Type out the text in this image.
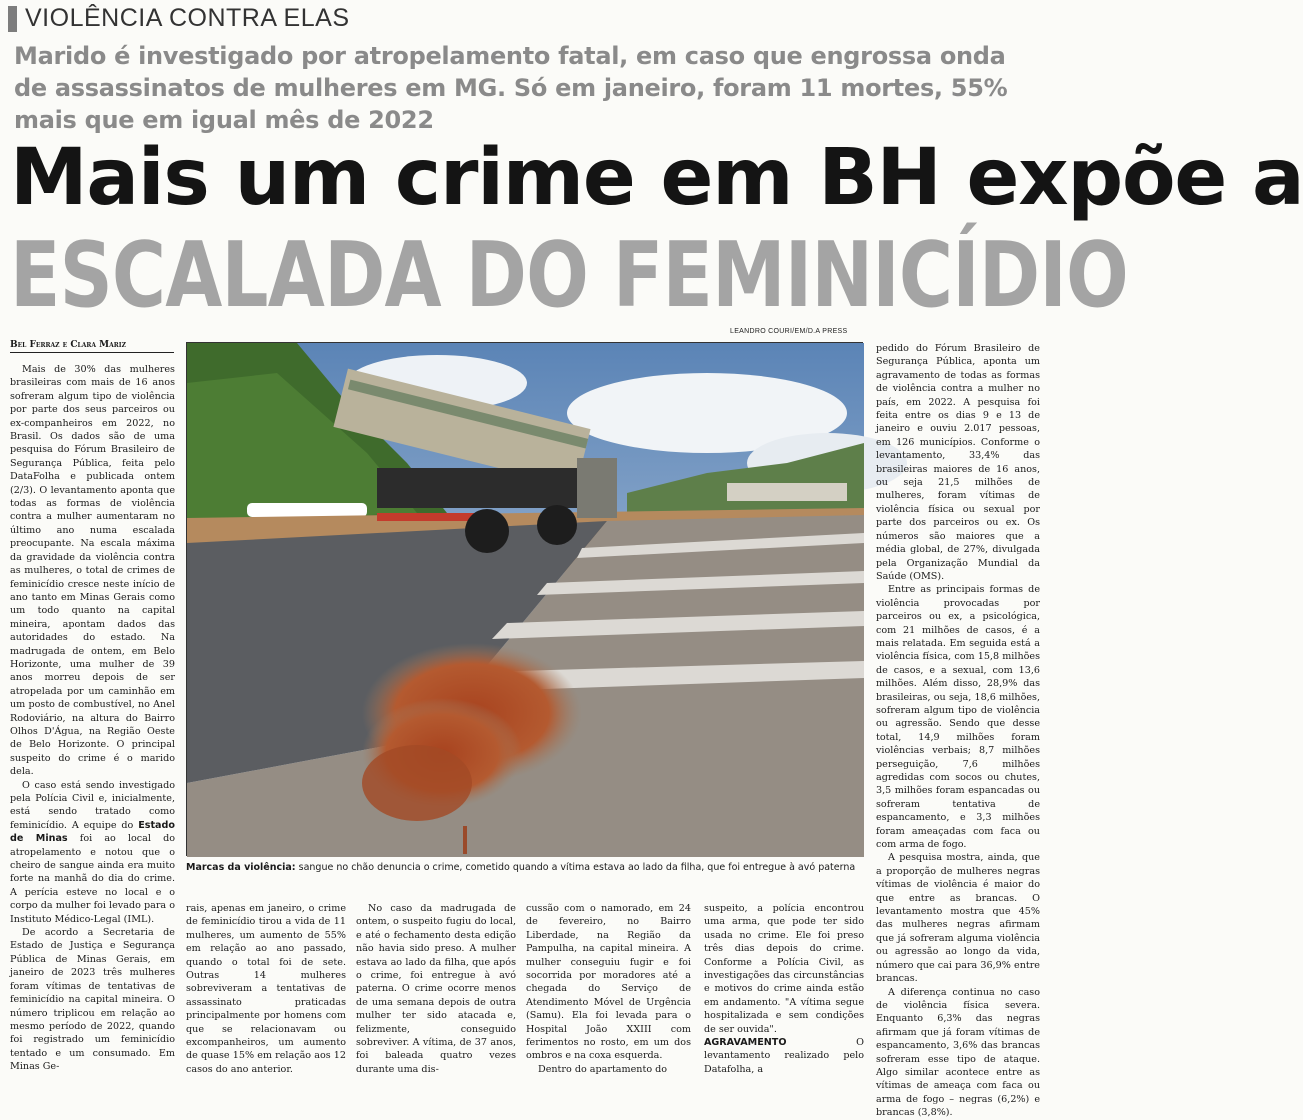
VIOLÊNCIA CONTRA ELAS
Marido é investigado por atropelamento fatal, em caso que engrossa onda de assassinatos de mulheres em MG. Só em janeiro, foram 11 mortes, 55% mais que em igual mês de 2022
Mais um crime em BH expõe a
ESCALADA DO FEMINICÍDIO
Bel Ferraz e Clara Mariz
LEANDRO COURI/EM/D.A PRESS

Mais de 30% das mulheres brasileiras com mais de 16 anos sofreram algum tipo de violência por parte dos seus parceiros ou ex-companheiros em 2022, no Brasil. Os dados são de uma pesquisa do Fórum Brasileiro de Segurança Pública, feita pelo DataFolha e publicada ontem (2/3). O levantamento aponta que todas as formas de violência contra a mulher aumentaram no último ano numa escalada preocupante. Na escala máxima da gravidade da violência contra as mulheres, o total de crimes de feminicídio cresce neste início de ano tanto em Minas Gerais como um todo quanto na capital mineira, apontam dados das autoridades do estado. Na madrugada de ontem, em Belo Horizonte, uma mulher de 39 anos morreu depois de ser atropelada por um caminhão em um posto de combustível, no Anel Rodoviário, na altura do Bairro Olhos D'Água, na Região Oeste de Belo Horizonte. O principal suspeito do crime é o marido dela.

O caso está sendo investigado pela Polícia Civil e, inicialmente, está sendo tratado como feminicídio. A equipe do Estado de Minas foi ao local do atropelamento e notou que o cheiro de sangue ainda era muito forte na manhã do dia do crime. A perícia esteve no local e o corpo da mulher foi levado para o Instituto Médico-Legal (IML).

De acordo a Secretaria de Estado de Justiça e Segurança Pública de Minas Gerais, em janeiro de 2023 três mulheres foram vítimas de tentativas de feminicídio na capital mineira. O número triplicou em relação ao mesmo período de 2022, quando foi registrado um feminicídio tentado e um consumado. Em Minas Ge-

Marcas da violência: sangue no chão denuncia o crime, cometido quando a vítima estava ao lado da filha, que foi entregue à avó paterna

rais, apenas em janeiro, o crime de feminicídio tirou a vida de 11 mulheres, um aumento de 55% em relação ao ano passado, quando o total foi de sete. Outras 14 mulheres sobreviveram a tentativas de assassinato praticadas principalmente por homens com que se relacionavam ou excompanheiros, um aumento de quase 15% em relação aos 12 casos do ano anterior.

No caso da madrugada de ontem, o suspeito fugiu do local, e até o fechamento desta edição não havia sido preso. A mulher estava ao lado da filha, que após o crime, foi entregue à avó paterna. O crime ocorre menos de uma semana depois de outra mulher ter sido atacada e, felizmente, conseguido sobreviver. A vítima, de 37 anos, foi baleada quatro vezes durante uma dis-

cussão com o namorado, em 24 de fevereiro, no Bairro Liberdade, na Região da Pampulha, na capital mineira. A mulher conseguiu fugir e foi socorrida por moradores até a chegada do Serviço de Atendimento Móvel de Urgência (Samu). Ela foi levada para o Hospital João XXIII com ferimentos no rosto, em um dos ombros e na coxa esquerda.

Dentro do apartamento do

suspeito, a polícia encontrou uma arma, que pode ter sido usada no crime. Ele foi preso três dias depois do crime. Conforme a Polícia Civil, as investigações das circunstâncias e motivos do crime ainda estão em andamento. "A vítima segue hospitalizada e sem condições de ser ouvida".

AGRAVAMENTO O levantamento realizado pelo Datafolha, a

pedido do Fórum Brasileiro de Segurança Pública, aponta um agravamento de todas as formas de violência contra a mulher no país, em 2022. A pesquisa foi feita entre os dias 9 e 13 de janeiro e ouviu 2.017 pessoas, em 126 municípios. Conforme o levantamento, 33,4% das brasileiras maiores de 16 anos, ou seja 21,5 milhões de mulheres, foram vítimas de violência física ou sexual por parte dos parceiros ou ex. Os números são maiores que a média global, de 27%, divulgada pela Organização Mundial da Saúde (OMS).

Entre as principais formas de violência provocadas por parceiros ou ex, a psicológica, com 21 milhões de casos, é a mais relatada. Em seguida está a violência física, com 15,8 milhões de casos, e a sexual, com 13,6 milhões. Além disso, 28,9% das brasileiras, ou seja, 18,6 milhões, sofreram algum tipo de violência ou agressão. Sendo que desse total, 14,9 milhões foram violências verbais; 8,7 milhões perseguição, 7,6 milhões agredidas com socos ou chutes, 3,5 milhões foram espancadas ou sofreram tentativa de espancamento, e 3,3 milhões foram ameaçadas com faca ou com arma de fogo.

A pesquisa mostra, ainda, que a proporção de mulheres negras vítimas de violência é maior do que entre as brancas. O levantamento mostra que 45% das mulheres negras afirmam que já sofreram alguma violência ou agressão ao longo da vida, número que cai para 36,9% entre brancas.

A diferença continua no caso de violência física severa. Enquanto 6,3% das negras afirmam que já foram vítimas de espancamento, 3,6% das brancas sofreram esse tipo de ataque. Algo similar acontece entre as vítimas de ameaça com faca ou arma de fogo – negras (6,2%) e brancas (3,8%).
